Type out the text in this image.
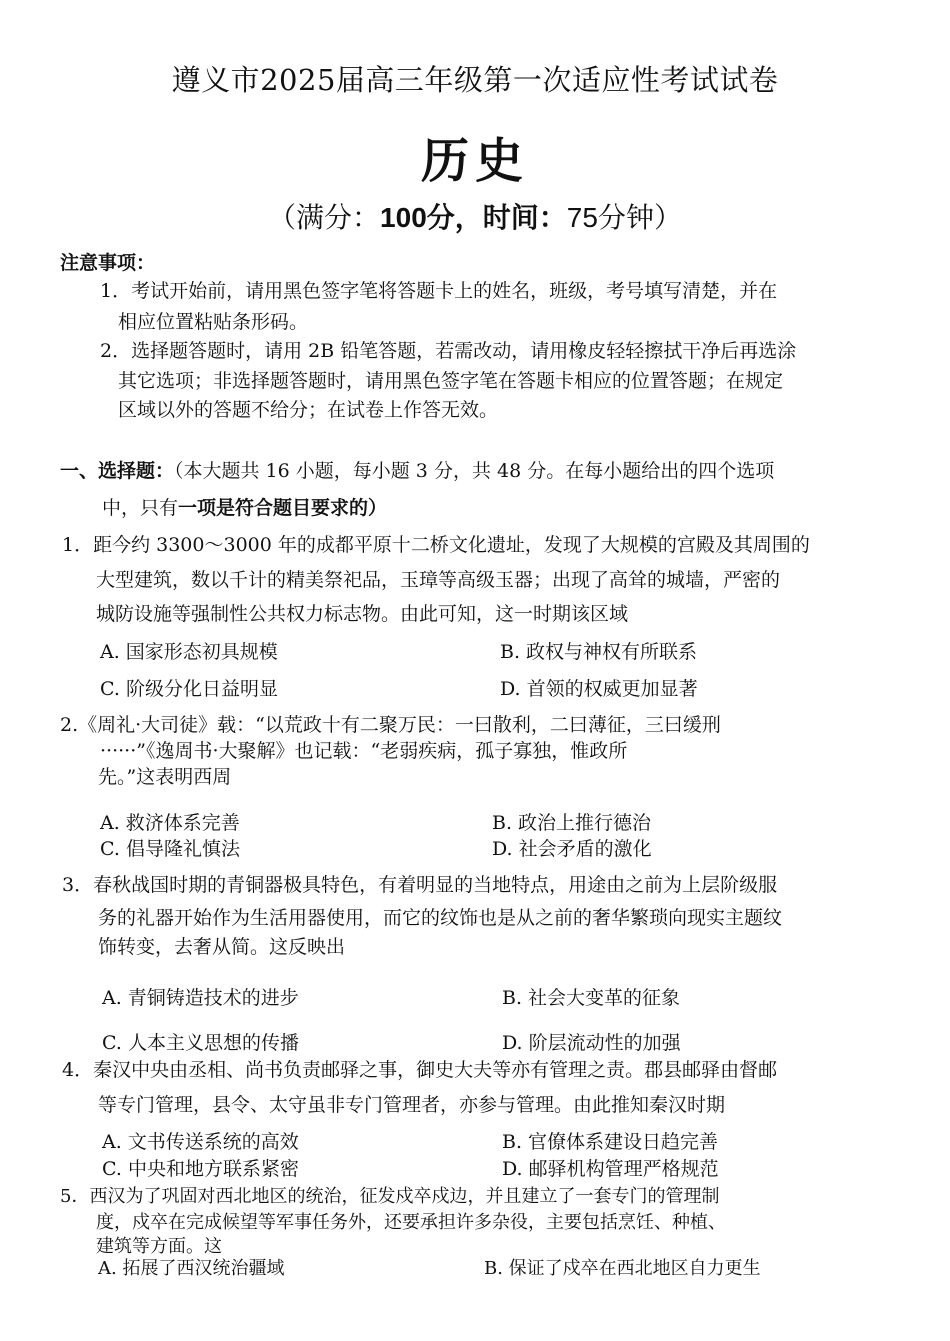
遵义市2025届高三年级第一次适应性考试试卷
历史
（满分：100分，时间：75分钟）
注意事项：
1．考试开始前，请用黑色签字笔将答题卡上的姓名，班级，考号填写清楚，并在
相应位置粘贴条形码。
2．选择题答题时，请用 2B 铅笔答题，若需改动，请用橡皮轻轻擦拭干净后再选涂
其它选项；非选择题答题时，请用黑色签字笔在答题卡相应的位置答题；在规定
区域以外的答题不给分；在试卷上作答无效。
一、选择题：（本大题共 16 小题，每小题 3 分，共 48 分。在每小题给出的四个选项
中，只有一项是符合题目要求的）
1．距今约 3300～3000 年的成都平原十二桥文化遗址，发现了大规模的宫殿及其周围的
大型建筑，数以千计的精美祭祀品，玉璋等高级玉器；出现了高耸的城墙，严密的
城防设施等强制性公共权力标志物。由此可知，这一时期该区域
A. 国家形态初具规模	B. 政权与神权有所联系
C. 阶级分化日益明显	D. 首领的权威更加显著
2.《周礼·大司徒》载：“以荒政十有二聚万民：一曰散利，二曰薄征，三曰缓刑
······”《逸周书·大聚解》也记载：“老弱疾病，孤子寡独，惟政所
先。”这表明西周
A. 救济体系完善	B. 政治上推行德治
C. 倡导隆礼慎法	D. 社会矛盾的激化
3．春秋战国时期的青铜器极具特色，有着明显的当地特点，用途由之前为上层阶级服
务的礼器开始作为生活用器使用，而它的纹饰也是从之前的奢华繁琐向现实主题纹
饰转变，去奢从简。这反映出
A. 青铜铸造技术的进步	B. 社会大变革的征象
C. 人本主义思想的传播	D. 阶层流动性的加强
4．秦汉中央由丞相、尚书负责邮驿之事，御史大夫等亦有管理之责。郡县邮驿由督邮
等专门管理，县令、太守虽非专门管理者，亦参与管理。由此推知秦汉时期
A. 文书传送系统的高效	B. 官僚体系建设日趋完善
C. 中央和地方联系紧密	D. 邮驿机构管理严格规范
5．西汉为了巩固对西北地区的统治，征发戍卒戍边，并且建立了一套专门的管理制
度，戍卒在完成候望等军事任务外，还要承担许多杂役，主要包括烹饪、种植、
建筑等方面。这
A. 拓展了西汉统治疆域	B. 保证了戍卒在西北地区自力更生
